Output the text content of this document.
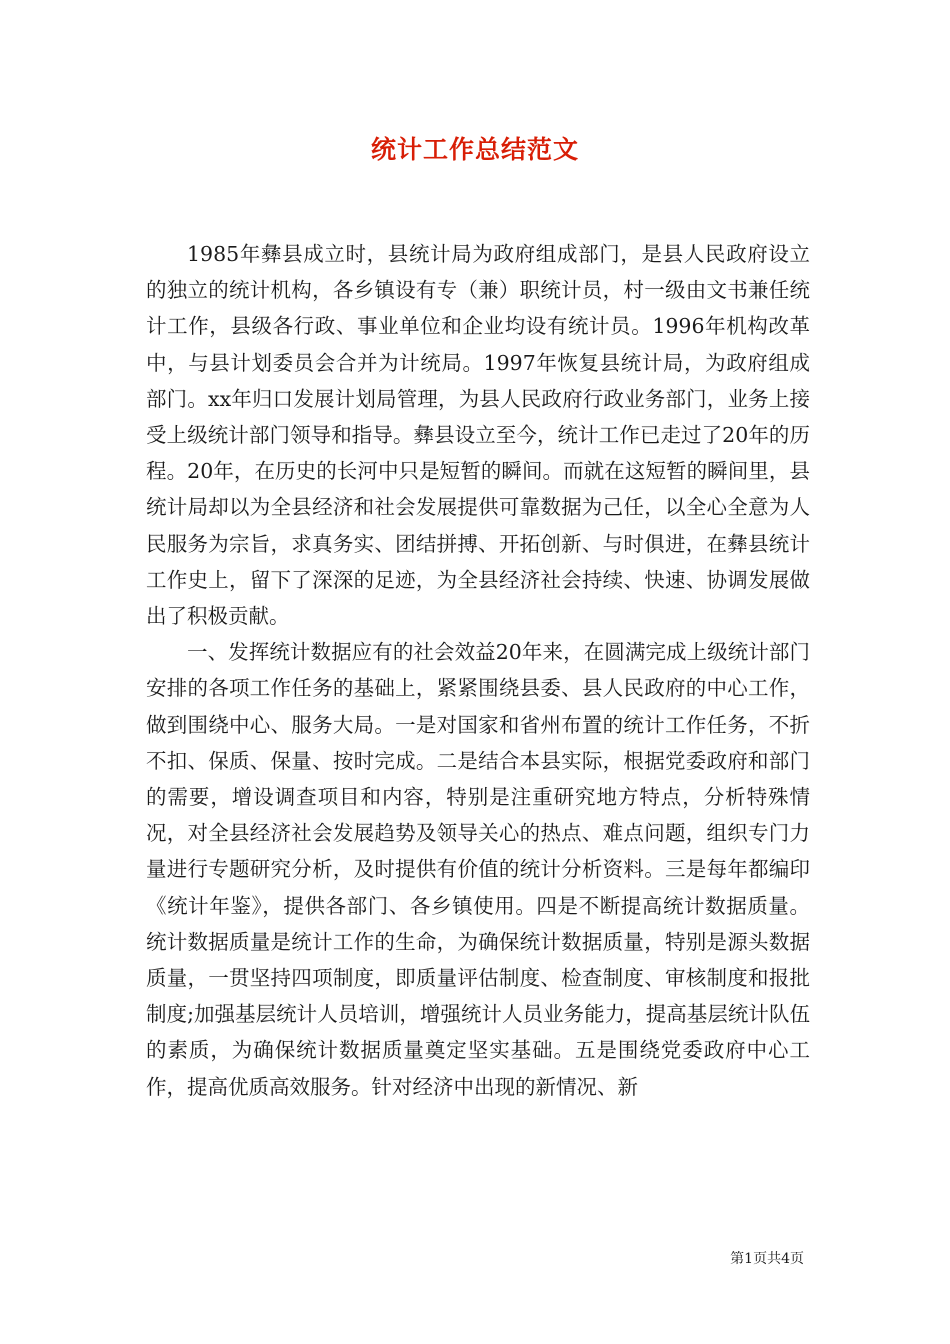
统计工作总结范文

1985年彝县成立时，县统计局为政府组成部门，是县人民政府设立的独立的统计机构，各乡镇设有专（兼）职统计员，村一级由文书兼任统计工作，县级各行政、事业单位和企业均设有统计员。1996年机构改革中，与县计划委员会合并为计统局。1997年恢复县统计局，为政府组成部门。xx年归口发展计划局管理，为县人民政府行政业务部门，业务上接受上级统计部门领导和指导。彝县设立至今，统计工作已走过了20年的历程。20年，在历史的长河中只是短暂的瞬间。而就在这短暂的瞬间里，县统计局却以为全县经济和社会发展提供可靠数据为己任，以全心全意为人民服务为宗旨，求真务实、团结拼搏、开拓创新、与时俱进，在彝县统计工作史上，留下了深深的足迹，为全县经济社会持续、快速、协调发展做出了积极贡献。

一、发挥统计数据应有的社会效益20年来，在圆满完成上级统计部门安排的各项工作任务的基础上，紧紧围绕县委、县人民政府的中心工作，做到围绕中心、服务大局。一是对国家和省州布置的统计工作任务，不折不扣、保质、保量、按时完成。二是结合本县实际，根据党委政府和部门的需要，增设调查项目和内容，特别是注重研究地方特点，分析特殊情况，对全县经济社会发展趋势及领导关心的热点、难点问题，组织专门力量进行专题研究分析，及时提供有价值的统计分析资料。三是每年都编印《统计年鉴》，提供各部门、各乡镇使用。四是不断提高统计数据质量。统计数据质量是统计工作的生命，为确保统计数据质量，特别是源头数据质量，一贯坚持四项制度，即质量评估制度、检查制度、审核制度和报批制度;加强基层统计人员培训，增强统计人员业务能力，提高基层统计队伍的素质，为确保统计数据质量奠定坚实基础。五是围绕党委政府中心工作，提高优质高效服务。针对经济中出现的新情况、新

第1页共4页
